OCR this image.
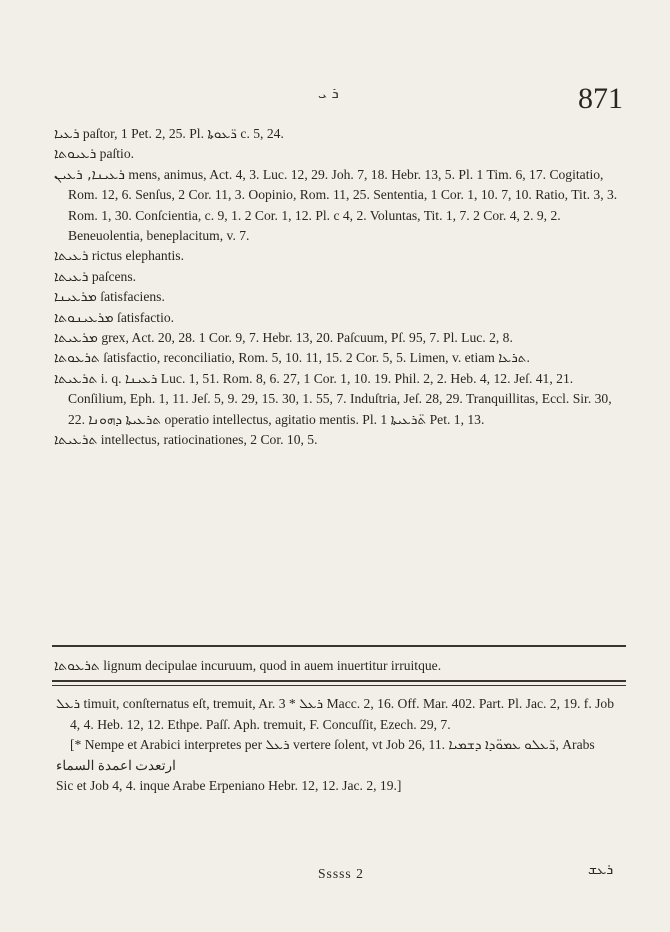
ܪ ܝ	871

ܪܥܝܐ paſtor, 1 Pet. 2, 25. Pl. ܪ̈ܥܘܬܐ c. 5, 24.

ܪܥܝܘܬܐ paſtio.

ܪܥܝܢܐ, ܪܥܝܢ mens, animus, Act. 4, 3. Luc. 12, 29. Joh. 7, 18. Hebr. 13, 5. Pl. 1 Tim. 6, 17. Cogitatio, Rom. 12, 6. Senſus, 2 Cor. 11, 3. Oopinio, Rom. 11, 25. Sententia, 1 Cor. 1, 10. 7, 10. Ratio, Tit. 3, 3. Rom. 1, 30. Conſcientia, c. 9, 1. 2 Cor. 1, 12. Pl. c 4, 2. Voluntas, Tit. 1, 7. 2 Cor. 4, 2. 9, 2. Beneuolentia, beneplacitum, v. 7.

ܪܥܝܬܐ rictus elephantis.

ܪܥܝܬܐ paſcens.

ܡܪܥܝܢܐ ſatisfaciens.

ܡܪܥܝܢܘܬܐ ſatisfactio.

ܡܪܥܝܬܐ grex, Act. 20, 28. 1 Cor. 9, 7. Hebr. 13, 20. Paſcuum, Pſ. 95, 7. Pl. Luc. 2, 8.

ܬܪܥܘܬܐ ſatisfactio, reconciliatio, Rom. 5, 10. 11, 15. 2 Cor. 5, 5. Limen, v. etiam ܬܪܥܐ.

ܬܪܥܝܬܐ i. q. ܪܥܝܢܐ Luc. 1, 51. Rom. 8, 6. 27, 1 Cor. 1, 10. 19. Phil. 2, 2. Heb. 4, 12. Jeſ. 41, 21. Conſilium, Eph. 1, 11. Jeſ. 5, 9. 29, 15. 30, 1. 55, 7. Induſtria, Jeſ. 28, 29. Tranquillitas, Eccl. Sir. 30, 22. ܬܪܥܝܬܐ ܕܗܘܢܐ operatio intellectus, agitatio mentis. Pl. ܬ̈ܪܥܝܬܐ 1 Pet. 1, 13.

ܬܪܥܝܬܐ intellectus, ratiocinationes, 2 Cor. 10, 5.

ܬܪܥܘܬܐ lignum decipulae incuruum, quod in auem inuertitur irruitque.

ܪܥܠ timuit, conſternatus eſt, tremuit, Ar. ܪܥܠ * 3 Macc. 2, 16. Off. Mar. 402. Part. Pl. Jac. 2, 19. f. Job 4, 4. Heb. 12, 12. Ethpe. Paſſ. Aph. tremuit, F. Concuſſit, Ezech. 29, 7.

[* Nempe et Arabici interpretes per ܪܥܠ vertere ſolent, vt Job 26, 11. ܪ̈ܥܠܘ ܥܡܘ̈ܕܐ ܕܫܡܝܐ, Arabs ارتعدت اعمدة السماء

Sic et Job 4, 4. inque Arabe Erpeniano Hebr. 12, 12. Jac. 2, 19.]

Sssss 2	ܪܥܫ
